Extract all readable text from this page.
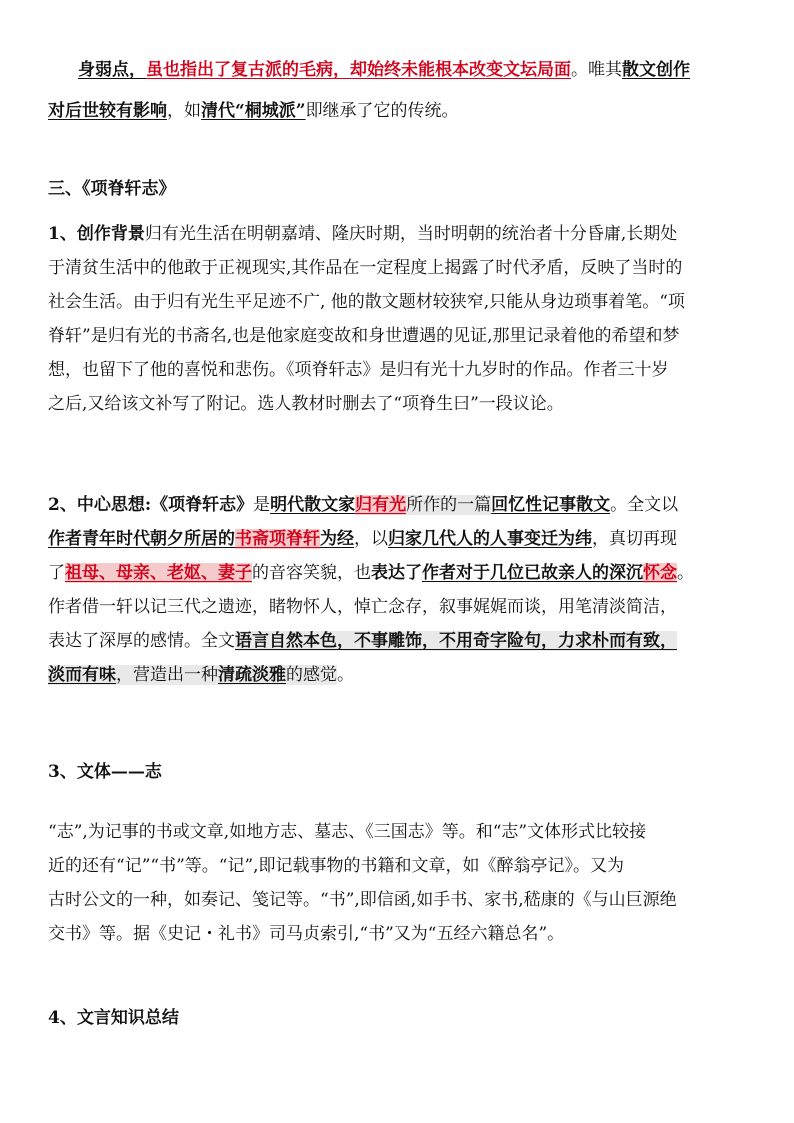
身弱点，虽也指出了复古派的毛病，却始终未能根本改变文坛局面。唯其散文创作
对后世较有影响，如清代“桐城派”即继承了它的传统。
三、《项脊轩志》
1、创作背景归有光生活在明朝嘉靖、隆庆时期，当时明朝的统治者十分昏庸,长期处
于清贫生活中的他敢于正视现实,其作品在一定程度上揭露了时代矛盾，反映了当时的
社会生活。由于归有光生平足迹不广, 他的散文题材较狭窄,只能从身边琐事着笔。“项
脊轩”是归有光的书斋名,也是他家庭变故和身世遭遇的见证,那里记录着他的希望和梦
想，也留下了他的喜悦和悲伤。《项脊轩志》是归有光十九岁时的作品。作者三十岁
之后,又给该文补写了附记。选人教材时删去了“项脊生曰”一段议论。
2、中心思想:《项脊轩志》是明代散文家归有光所作的一篇回忆性记事散文。全文以
作者青年时代朝夕所居的书斋项脊轩为经，以归家几代人的人事变迁为纬，真切再现
了祖母、母亲、老妪、妻子的音容笑貌，也表达了作者对于几位已故亲人的深沉怀念。
作者借一轩以记三代之遗迹，睹物怀人，悼亡念存，叙事娓娓而谈，用笔清淡简洁，
表达了深厚的感情。全文语言自然本色，不事雕饰，不用奇字险句，力求朴而有致，
淡而有味，营造出一种清疏淡雅的感觉。
3、文体——志
“志”,为记事的书或文章,如地方志、墓志、《三国志》等。和“志”文体形式比较接
近的还有“记”“书”等。“记”,即记载事物的书籍和文章，如《醉翁亭记》。又为
古时公文的一种，如奏记、笺记等。“书”,即信函,如手书、家书,嵇康的《与山巨源绝
交书》等。据《史记・礼书》司马贞索引,“书”又为“五经六籍总名”。
4、文言知识总结
